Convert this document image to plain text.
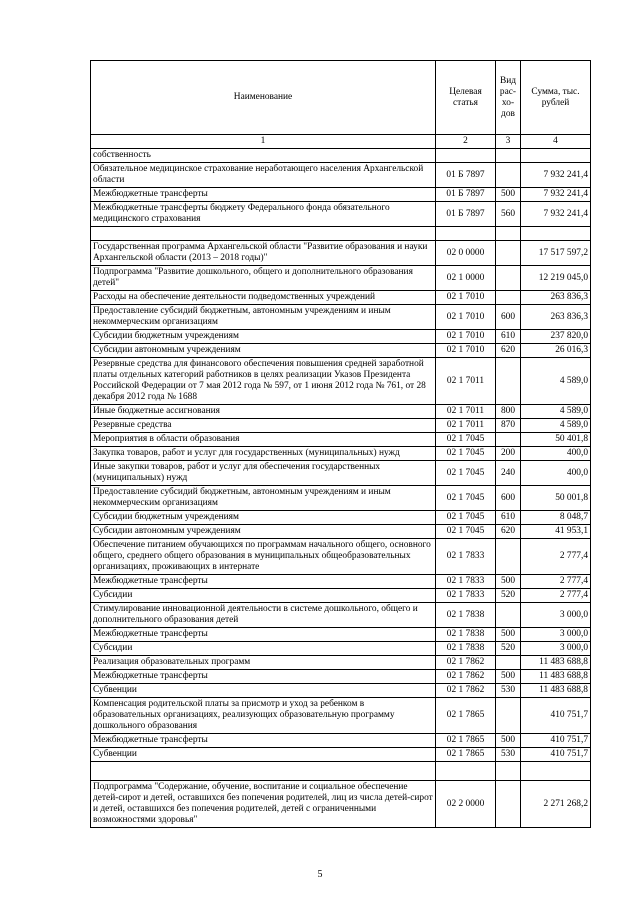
Наименование	Целевая статья	Вид рас-хо-дов	Сумма, тыс. рублей
1	2	3	4
собственность			
Обязательное медицинское страхование неработающего населения Архангельской области	01 Б 7897		7 932 241,4
Межбюджетные трансферты	01 Б 7897	500	7 932 241,4
Межбюджетные трансферты бюджету Федерального фонда обязательного медицинского страхования	01 Б 7897	560	7 932 241,4

Государственная программа Архангельской области "Развитие образования и науки Архангельской области (2013 – 2018 годы)"	02 0 0000		17 517 597,2
Подпрограмма "Развитие дошкольного, общего и дополнительного образования детей"	02 1 0000		12 219 045,0
Расходы на обеспечение деятельности подведомственных учреждений	02 1 7010		263 836,3
Предоставление субсидий бюджетным, автономным учреждениям и иным некоммерческим организациям	02 1 7010	600	263 836,3
Субсидии бюджетным учреждениям	02 1 7010	610	237 820,0
Субсидии автономным учреждениям	02 1 7010	620	26 016,3
Резервные средства для финансового обеспечения повышения средней заработной платы отдельных категорий работников в целях реализации Указов Президента Российской Федерации от 7 мая 2012 года № 597, от 1 июня 2012 года № 761, от 28 декабря 2012 года № 1688	02 1 7011		4 589,0
Иные бюджетные ассигнования	02 1 7011	800	4 589,0
Резервные средства	02 1 7011	870	4 589,0
Мероприятия в области образования	02 1 7045		50 401,8
Закупка товаров, работ и услуг для государственных (муниципальных) нужд	02 1 7045	200	400,0
Иные закупки товаров, работ и услуг для обеспечения государственных (муниципальных) нужд	02 1 7045	240	400,0
Предоставление субсидий бюджетным, автономным учреждениям и иным некоммерческим организациям	02 1 7045	600	50 001,8
Субсидии бюджетным учреждениям	02 1 7045	610	8 048,7
Субсидии автономным учреждениям	02 1 7045	620	41 953,1
Обеспечение питанием обучающихся по программам начального общего, основного общего, среднего общего образования в муниципальных общеобразовательных организациях, проживающих в интернате	02 1 7833		2 777,4
Межбюджетные трансферты	02 1 7833	500	2 777,4
Субсидии	02 1 7833	520	2 777,4
Стимулирование инновационной деятельности в системе дошкольного, общего и дополнительного образования детей	02 1 7838		3 000,0
Межбюджетные трансферты	02 1 7838	500	3 000,0
Субсидии	02 1 7838	520	3 000,0
Реализация образовательных программ	02 1 7862		11 483 688,8
Межбюджетные трансферты	02 1 7862	500	11 483 688,8
Субвенции	02 1 7862	530	11 483 688,8
Компенсация родительской платы за присмотр и уход за ребенком в образовательных организациях, реализующих образовательную программу дошкольного образования	02 1 7865		410 751,7
Межбюджетные трансферты	02 1 7865	500	410 751,7
Субвенции	02 1 7865	530	410 751,7

Подпрограмма "Содержание, обучение, воспитание и социальное обеспечение детей-сирот и детей, оставшихся без попечения родителей, лиц из числа детей-сирот и детей, оставшихся без попечения родителей, детей с ограниченными возможностями здоровья"	02 2 0000		2 271 268,2
5
